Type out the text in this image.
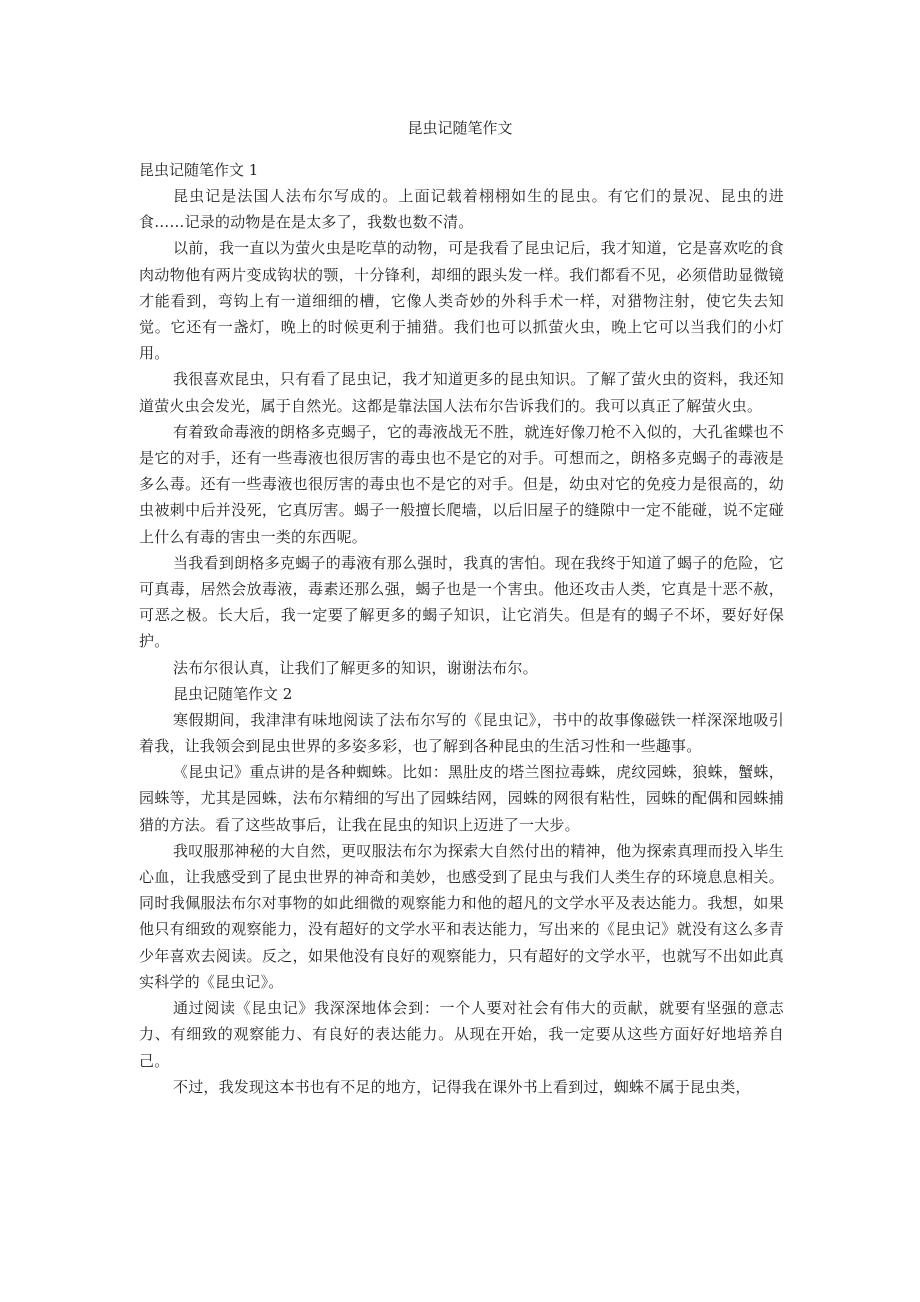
昆虫记随笔作文
昆虫记随笔作文 1

昆虫记是法国人法布尔写成的。上面记载着栩栩如生的昆虫。有它们的景况、昆虫的进食……记录的动物是在是太多了，我数也数不清。

以前，我一直以为萤火虫是吃草的动物，可是我看了昆虫记后，我才知道，它是喜欢吃的食肉动物他有两片变成钩状的颚，十分锋利，却细的跟头发一样。我们都看不见，必须借助显微镜才能看到，弯钩上有一道细细的槽，它像人类奇妙的外科手术一样，对猎物注射，使它失去知觉。它还有一盏灯，晚上的时候更利于捕猎。我们也可以抓萤火虫，晚上它可以当我们的小灯用。

我很喜欢昆虫，只有看了昆虫记，我才知道更多的昆虫知识。了解了萤火虫的资料，我还知道萤火虫会发光，属于自然光。这都是靠法国人法布尔告诉我们的。我可以真正了解萤火虫。

有着致命毒液的朗格多克蝎子，它的毒液战无不胜，就连好像刀枪不入似的，大孔雀蝶也不是它的对手，还有一些毒液也很厉害的毒虫也不是它的对手。可想而之，朗格多克蝎子的毒液是多么毒。还有一些毒液也很厉害的毒虫也不是它的对手。但是，幼虫对它的免疫力是很高的，幼虫被刺中后并没死，它真厉害。蝎子一般擅长爬墙，以后旧屋子的缝隙中一定不能碰，说不定碰上什么有毒的害虫一类的东西呢。

当我看到朗格多克蝎子的毒液有那么强时，我真的害怕。现在我终于知道了蝎子的危险，它可真毒，居然会放毒液，毒素还那么强，蝎子也是一个害虫。他还攻击人类，它真是十恶不赦，可恶之极。长大后，我一定要了解更多的蝎子知识，让它消失。但是有的蝎子不坏，要好好保护。

法布尔很认真，让我们了解更多的知识，谢谢法布尔。

昆虫记随笔作文 2

寒假期间，我津津有味地阅读了法布尔写的《昆虫记》，书中的故事像磁铁一样深深地吸引着我，让我领会到昆虫世界的多姿多彩，也了解到各种昆虫的生活习性和一些趣事。

《昆虫记》重点讲的是各种蜘蛛。比如：黑肚皮的塔兰图拉毒蛛，虎纹园蛛，狼蛛，蟹蛛，园蛛等，尤其是园蛛，法布尔精细的写出了园蛛结网，园蛛的网很有粘性，园蛛的配偶和园蛛捕猎的方法。看了这些故事后，让我在昆虫的知识上迈进了一大步。

我叹服那神秘的大自然，更叹服法布尔为探索大自然付出的精神，他为探索真理而投入毕生心血，让我感受到了昆虫世界的神奇和美妙，也感受到了昆虫与我们人类生存的环境息息相关。同时我佩服法布尔对事物的如此细微的观察能力和他的超凡的文学水平及表达能力。我想，如果他只有细致的观察能力，没有超好的文学水平和表达能力，写出来的《昆虫记》就没有这么多青少年喜欢去阅读。反之，如果他没有良好的观察能力，只有超好的文学水平，也就写不出如此真实科学的《昆虫记》。

通过阅读《昆虫记》我深深地体会到：一个人要对社会有伟大的贡献，就要有坚强的意志力、有细致的观察能力、有良好的表达能力。从现在开始，我一定要从这些方面好好地培养自己。

不过，我发现这本书也有不足的地方，记得我在课外书上看到过，蜘蛛不属于昆虫类，
